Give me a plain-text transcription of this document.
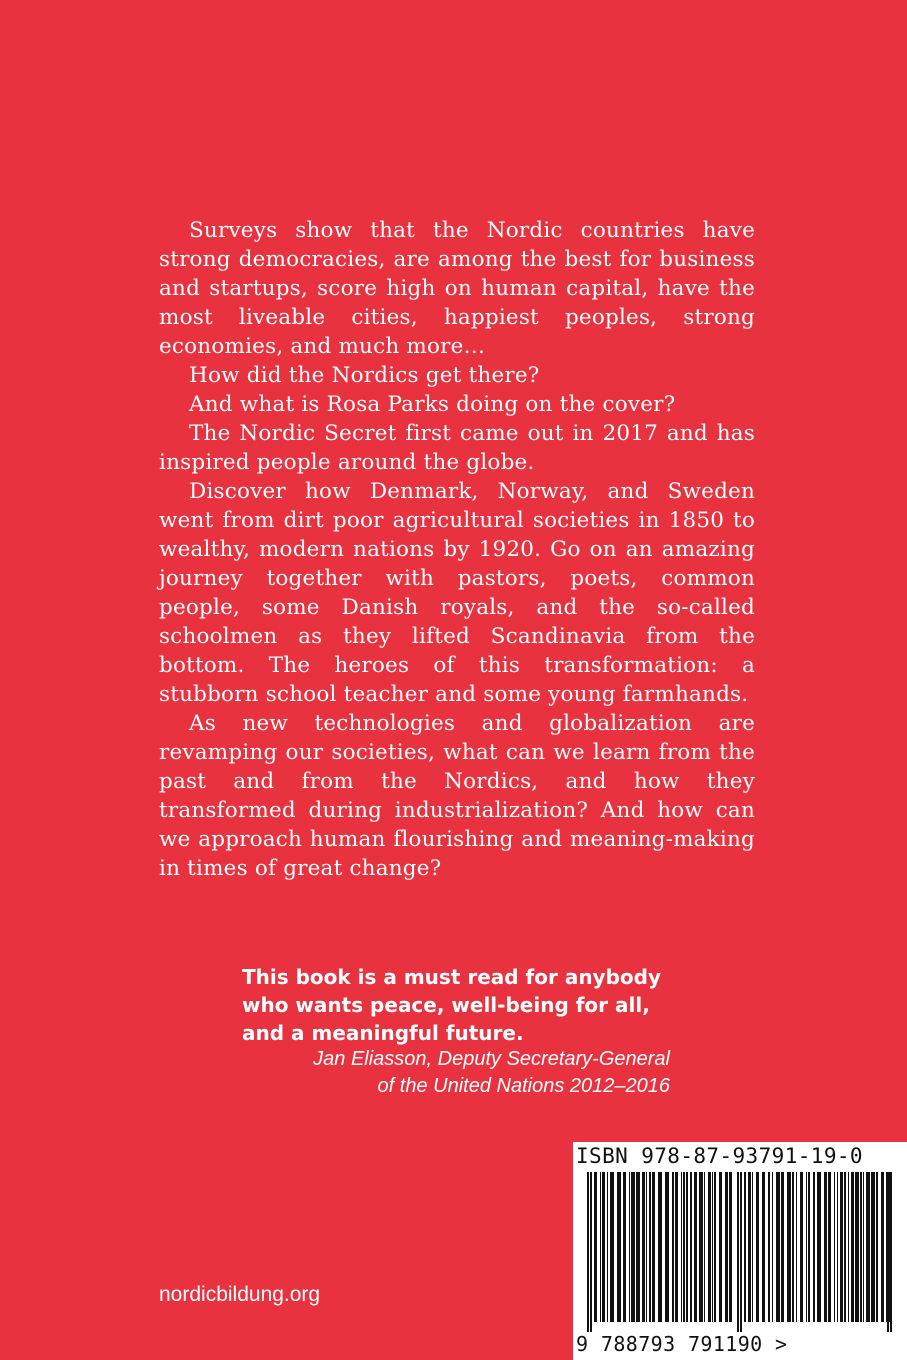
Surveys show that the Nordic countries have strong democracies, are among the best for business and startups, score high on human capital, have the most liveable cities, happiest peoples, strong economies, and much more…

How did the Nordics get there?

And what is Rosa Parks doing on the cover?

The Nordic Secret first came out in 2017 and has inspired people around the globe.

Discover how Denmark, Norway, and Sweden went from dirt poor agricultural societies in 1850 to wealthy, modern nations by 1920. Go on an amazing journey together with pastors, poets, common people, some Danish royals, and the so-called schoolmen as they lifted Scandinavia from the bottom. The heroes of this transformation: a stubborn school teacher and some young farmhands.

As new technologies and globalization are revamping our societies, what can we learn from the past and from the Nordics, and how they transformed during industrialization? And how can we approach human flourishing and meaning-making in times of great change?

This book is a must read for anybody who wants peace, well-being for all, and a meaningful future.

Jan Eliasson, Deputy Secretary-General
of the United Nations 2012–2016
nordicbildung.org
ISBN 978-87-93791-19-0
9 788793 791190 >
